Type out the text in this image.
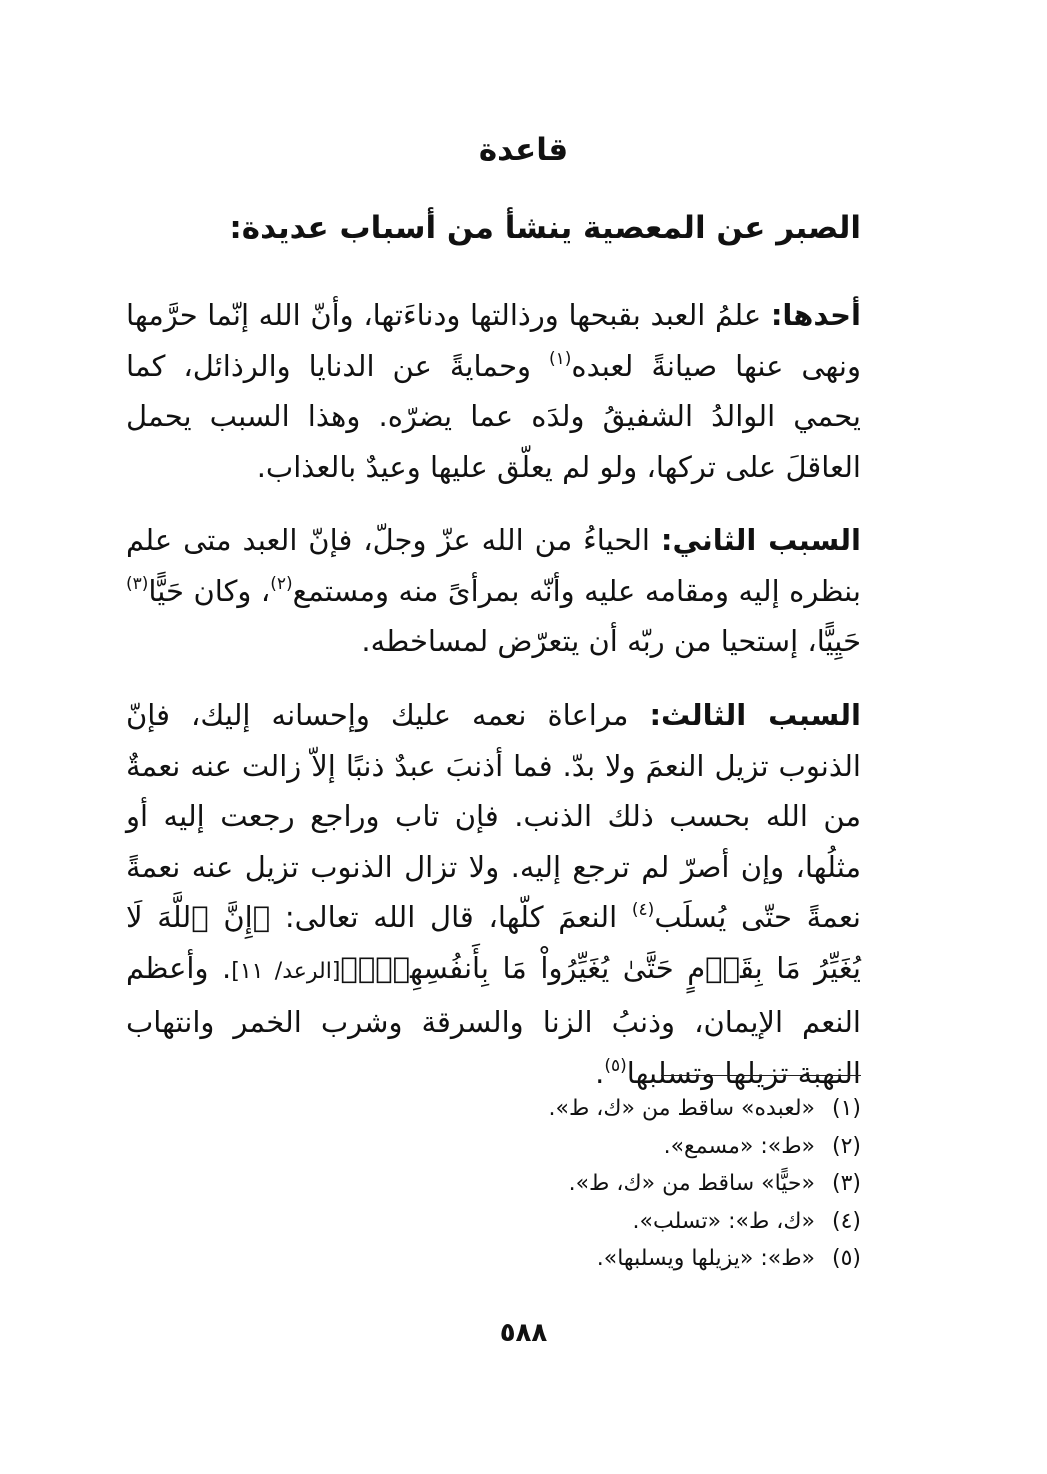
قاعدة
الصبر عن المعصية ينشأ من أسباب عديدة:

أحدها: علمُ العبد بقبحها ورذالتها ودناءَتها، وأنّ الله إنّما حرَّمها ونهى عنها صيانةً لعبده$^{(١)}$ وحمايةً عن الدنايا والرذائل، كما يحمي الوالدُ الشفيقُ ولدَه عما يضرّه. وهذا السبب يحمل العاقلَ على تركها، ولو لم يعلّق عليها وعيدٌ بالعذاب.

السبب الثاني: الحياءُ من الله عزّ وجلّ، فإنّ العبد متى علم بنظره إليه ومقامه عليه وأنّه بمرأىً منه ومستمع$^{(٢)}$، وكان حَيًّا$^{(٣)}$ حَيِيًّا، إستحيا من ربّه أن يتعرّض لمساخطه.

السبب الثالث: مراعاة نعمه عليك وإحسانه إليك، فإنّ الذنوب تزيل النعمَ ولا بدّ. فما أذنبَ عبدٌ ذنبًا إلاّ زالت عنه نعمةٌ من الله بحسب ذلك الذنب. فإن تاب وراجع رجعت إليه أو مثلُها، وإن أصرّ لم ترجع إليه. ولا تزال الذنوب تزيل عنه نعمةً نعمةً حتّى يُسلَب$^{(٤)}$ النعمَ كلّها، قال الله تعالى: ﴿إِنَّ ٱللَّهَ لَا يُغَيِّرُ مَا بِقَوۡمٍ حَتَّىٰ يُغَيِّرُواْ مَا بِأَنفُسِهِمۡۗ﴾[الرعد/ ١١]. وأعظم النعم الإيمان، وذنبُ الزنا والسرقة وشرب الخمر وانتهاب النهبة تزيلها وتسلبها$^{(٥)}$.

(١)
«لعبده» ساقط من «ك، ط».
(٢)
«ط»: «مسمع».
(٣)
«حيًّا» ساقط من «ك، ط».
(٤)
«ك، ط»: «تسلب».
(٥)
«ط»: «يزيلها ويسلبها».
٥٨٨
